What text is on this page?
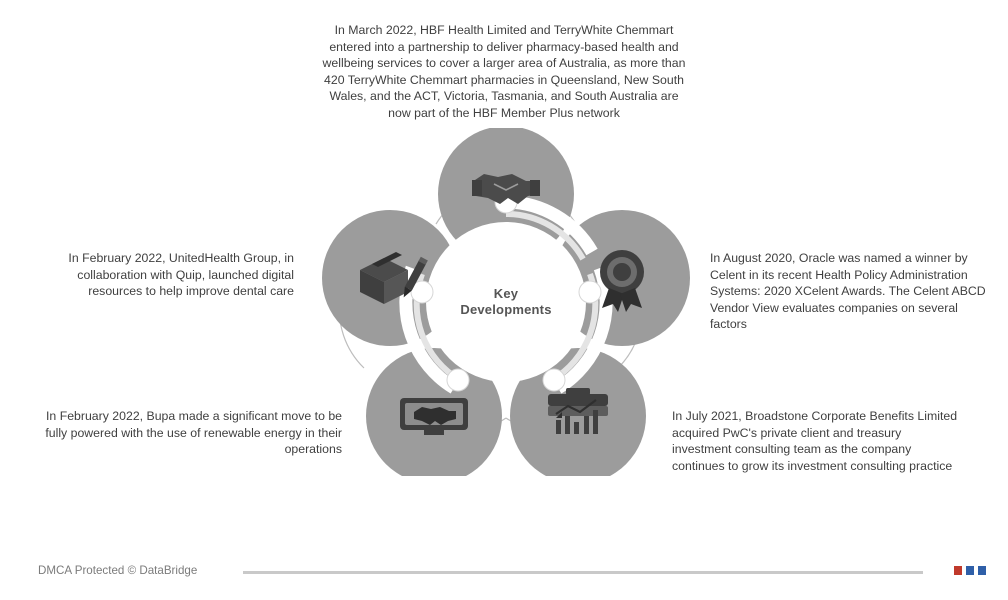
In March 2022, HBF Health Limited and TerryWhite Chemmart entered into a partnership to deliver pharmacy-based health and wellbeing services to cover a larger area of Australia, as more than 420 TerryWhite Chemmart pharmacies in Queensland, New South Wales, and the ACT, Victoria, Tasmania, and South Australia are now part of the HBF Member Plus network
In February 2022, UnitedHealth Group, in collaboration with Quip, launched digital resources to help improve dental care
In February 2022, Bupa made a significant move to be fully powered with the use of renewable energy in their operations
In August 2020, Oracle was named a winner by Celent in its recent Health Policy Administration Systems: 2020 XCelent Awards. The Celent ABCD Vendor View evaluates companies on several factors
In July 2021, Broadstone Corporate Benefits Limited acquired PwC's private client and treasury investment consulting team as the company continues to grow its investment consulting practice
Key
Developments
DMCA Protected © DataBridge
